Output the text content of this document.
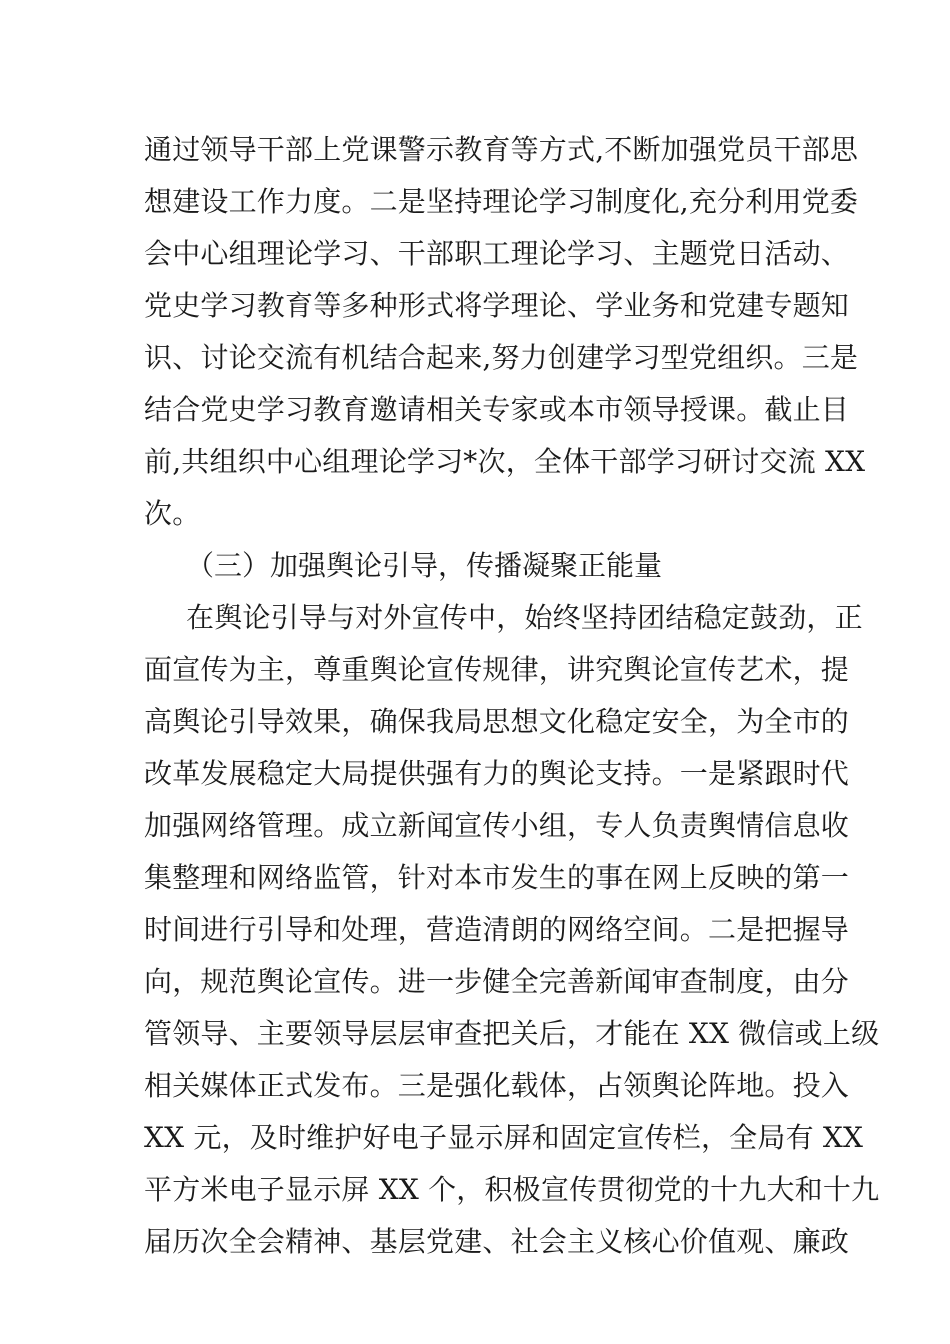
通过领导干部上党课警示教育等方式,不断加强党员干部思
想建设工作力度。二是坚持理论学习制度化,充分利用党委
会中心组理论学习、干部职工理论学习、主题党日活动、
党史学习教育等多种形式将学理论、学业务和党建专题知
识、讨论交流有机结合起来,努力创建学习型党组织。三是
结合党史学习教育邀请相关专家或本市领导授课。截止目
前,共组织中心组理论学习*次，全体干部学习研讨交流 XX
次。
（三）加强舆论引导，传播凝聚正能量
在舆论引导与对外宣传中，始终坚持团结稳定鼓劲，正
面宣传为主，尊重舆论宣传规律，讲究舆论宣传艺术，提
高舆论引导效果，确保我局思想文化稳定安全，为全市的
改革发展稳定大局提供强有力的舆论支持。一是紧跟时代
加强网络管理。成立新闻宣传小组，专人负责舆情信息收
集整理和网络监管，针对本市发生的事在网上反映的第一
时间进行引导和处理，营造清朗的网络空间。二是把握导
向，规范舆论宣传。进一步健全完善新闻审查制度，由分
管领导、主要领导层层审查把关后，才能在 XX 微信或上级
相关媒体正式发布。三是强化载体，占领舆论阵地。投入
XX 元，及时维护好电子显示屏和固定宣传栏，全局有 XX
平方米电子显示屏 XX 个，积极宣传贯彻党的十九大和十九
届历次全会精神、基层党建、社会主义核心价值观、廉政
